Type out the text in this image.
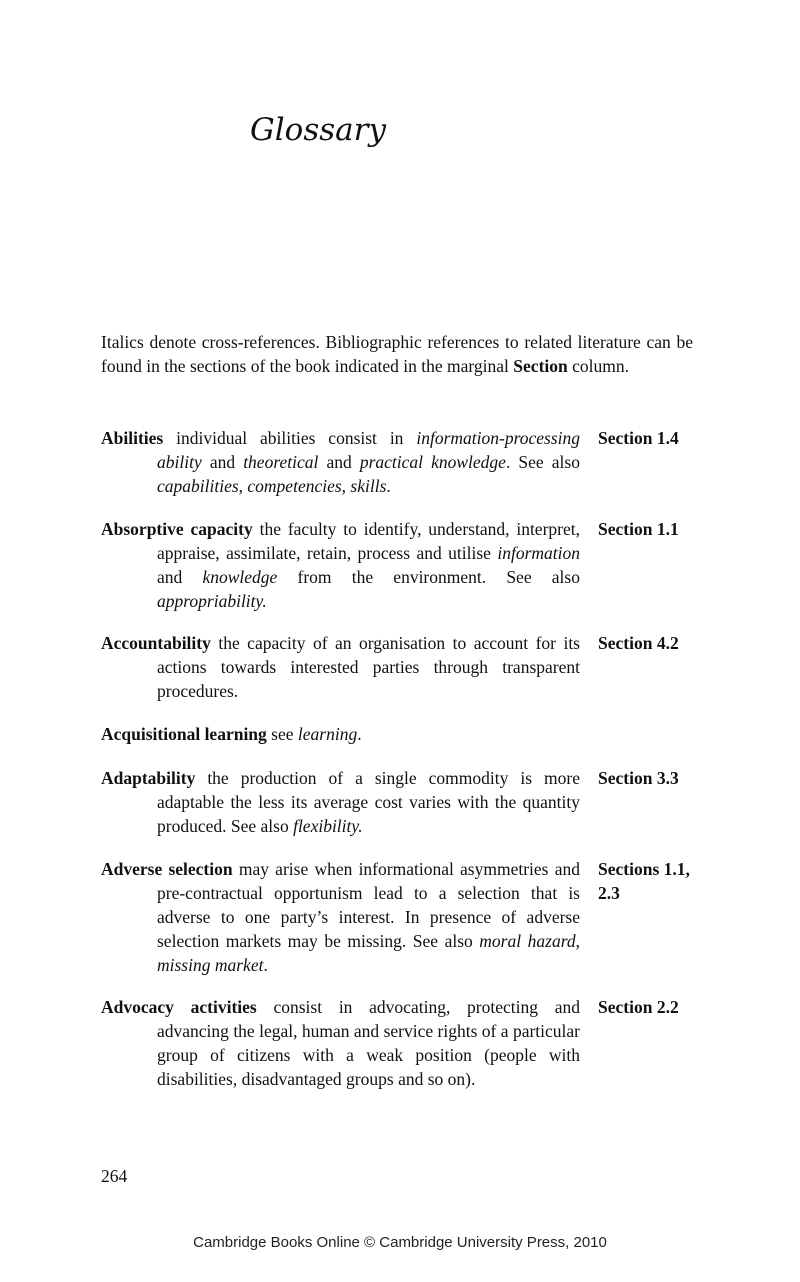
Glossary
Italics denote cross-references. Bibliographic references to related literature can be found in the sections of the book indicated in the marginal Section column.

Abilities individual abilities consist in information-processing ability and theoretical and practical knowledge. See also capabilities, competencies, skills.

Section 1.4

Absorptive capacity the faculty to identify, understand, interpret, appraise, assimilate, retain, process and utilise information and knowledge from the environment. See also appropriability.

Section 1.1

Accountability the capacity of an organisation to account for its actions towards interested parties through transparent procedures.

Section 4.2

Acquisitional learning see learning.

Adaptability the production of a single commodity is more adaptable the less its average cost varies with the quantity produced. See also flexibility.

Section 3.3

Adverse selection may arise when informational asymmetries and pre-contractual opportunism lead to a selection that is adverse to one party’s interest. In presence of adverse selection markets may be missing. See also moral hazard, missing market.

Sections 1.1,
2.3

Advocacy activities consist in advocating, protecting and advancing the legal, human and service rights of a particular group of citizens with a weak position (people with disabilities, disadvantaged groups and so on).

Section 2.2
264
Cambridge Books Online © Cambridge University Press, 2010
